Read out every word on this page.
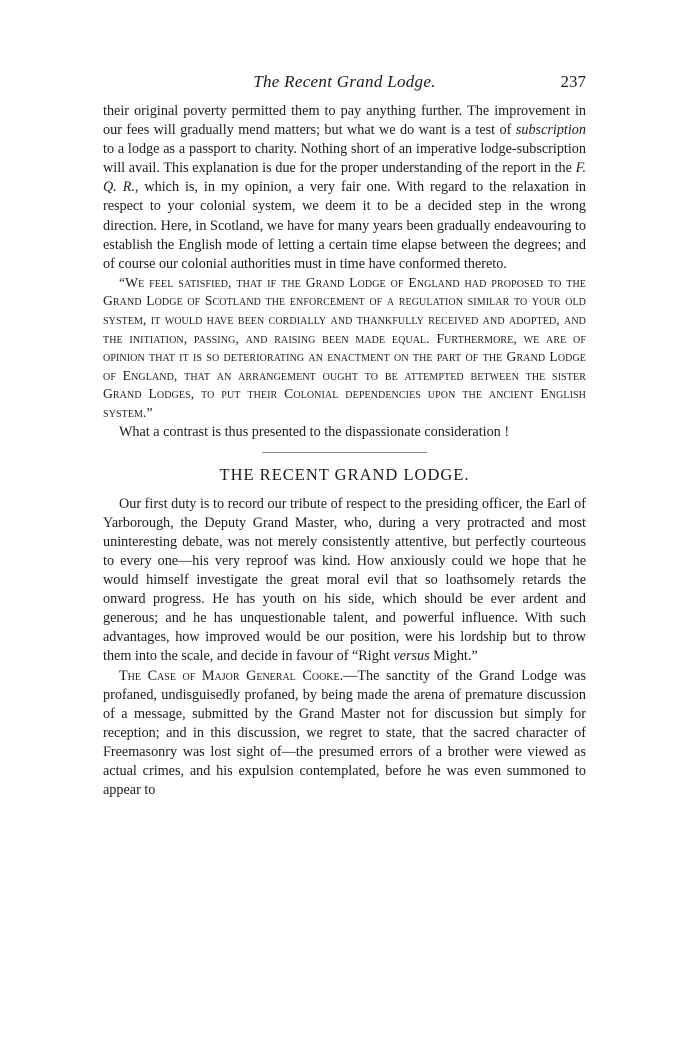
The Recent Grand Lodge.	237

their original poverty permitted them to pay anything further. The improvement in our fees will gradually mend matters; but what we do want is a test of subscription to a lodge as a passport to charity. Nothing short of an imperative lodge-subscription will avail. This explanation is due for the proper understanding of the report in the F. Q. R., which is, in my opinion, a very fair one. With regard to the relaxation in respect to your colonial system, we deem it to be a decided step in the wrong direction. Here, in Scotland, we have for many years been gradually endeavouring to establish the English mode of letting a certain time elapse between the degrees; and of course our colonial authorities must in time have conformed thereto.

“We feel satisfied, that if the Grand Lodge of England had proposed to the Grand Lodge of Scotland the enforcement of a regulation similar to your old system, it would have been cordially and thankfully received and adopted, and the initiation, passing, and raising been made equal. Furthermore, we are of opinion that it is so deteriorating an enactment on the part of the Grand Lodge of England, that an arrangement ought to be attempted between the sister Grand Lodges, to put their Colonial dependencies upon the ancient English system.”

What a contrast is thus presented to the dispassionate consideration !

THE RECENT GRAND LODGE.

Our first duty is to record our tribute of respect to the presiding officer, the Earl of Yarborough, the Deputy Grand Master, who, during a very protracted and most uninteresting debate, was not merely consistently attentive, but perfectly courteous to every one—his very reproof was kind. How anxiously could we hope that he would himself investigate the great moral evil that so loathsomely retards the onward progress. He has youth on his side, which should be ever ardent and generous; and he has unquestionable talent, and powerful influence. With such advantages, how improved would be our position, were his lordship but to throw them into the scale, and decide in favour of “Right versus Might.”

The Case of Major General Cooke.—The sanctity of the Grand Lodge was profaned, undisguisedly profaned, by being made the arena of premature discussion of a message, submitted by the Grand Master not for discussion but simply for reception; and in this discussion, we regret to state, that the sacred character of Freemasonry was lost sight of—the presumed errors of a brother were viewed as actual crimes, and his expulsion contemplated, before he was even summoned to appear to
